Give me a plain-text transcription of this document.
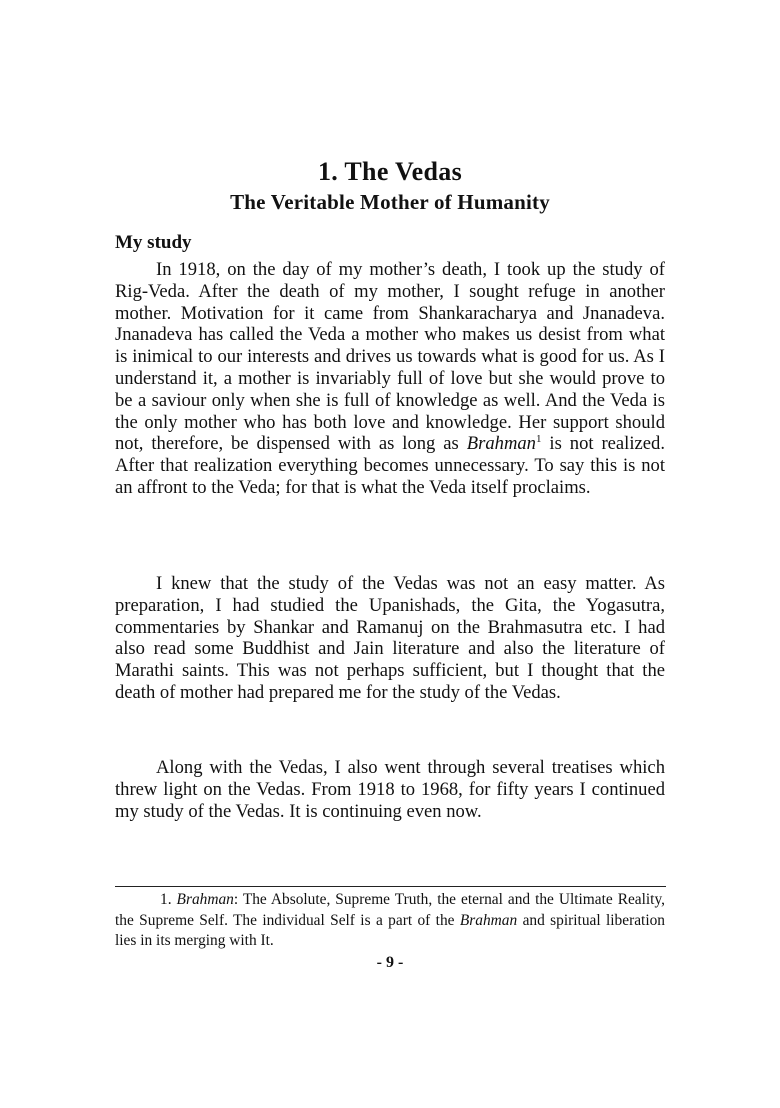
1. The Vedas
The Veritable Mother of Humanity
My study

In 1918, on the day of my mother’s death, I took up the study of Rig-Veda. After the death of my mother, I sought refuge in another mother. Motivation for it came from Shankaracharya and Jnanadeva. Jnanadeva has called the Veda a mother who makes us desist from what is inimical to our interests and drives us towards what is good for us. As I understand it, a mother is invariably full of love but she would prove to be a saviour only when she is full of knowledge as well. And the Veda is the only mother who has both love and knowledge. Her support should not, therefore, be dispensed with as long as Brahman$^1$ is not realized. After that realization everything becomes unnecessary. To say this is not an affront to the Veda; for that is what the Veda itself proclaims.

I knew that the study of the Vedas was not an easy matter. As preparation, I had studied the Upanishads, the Gita, the Yogasutra, commentaries by Shankar and Ramanuj on the Brahmasutra etc. I had also read some Buddhist and Jain literature and also the literature of Marathi saints. This was not perhaps sufficient, but I thought that the death of mother had prepared me for the study of the Vedas.

Along with the Vedas, I also went through several treatises which threw light on the Vedas. From 1918 to 1968, for fifty years I continued my study of the Vedas. It is continuing even now.

1. Brahman: The Absolute, Supreme Truth, the eternal and the Ultimate Reality, the Supreme Self. The individual Self is a part of the Brahman and spiritual liberation lies in its merging with It.

- 9 -
